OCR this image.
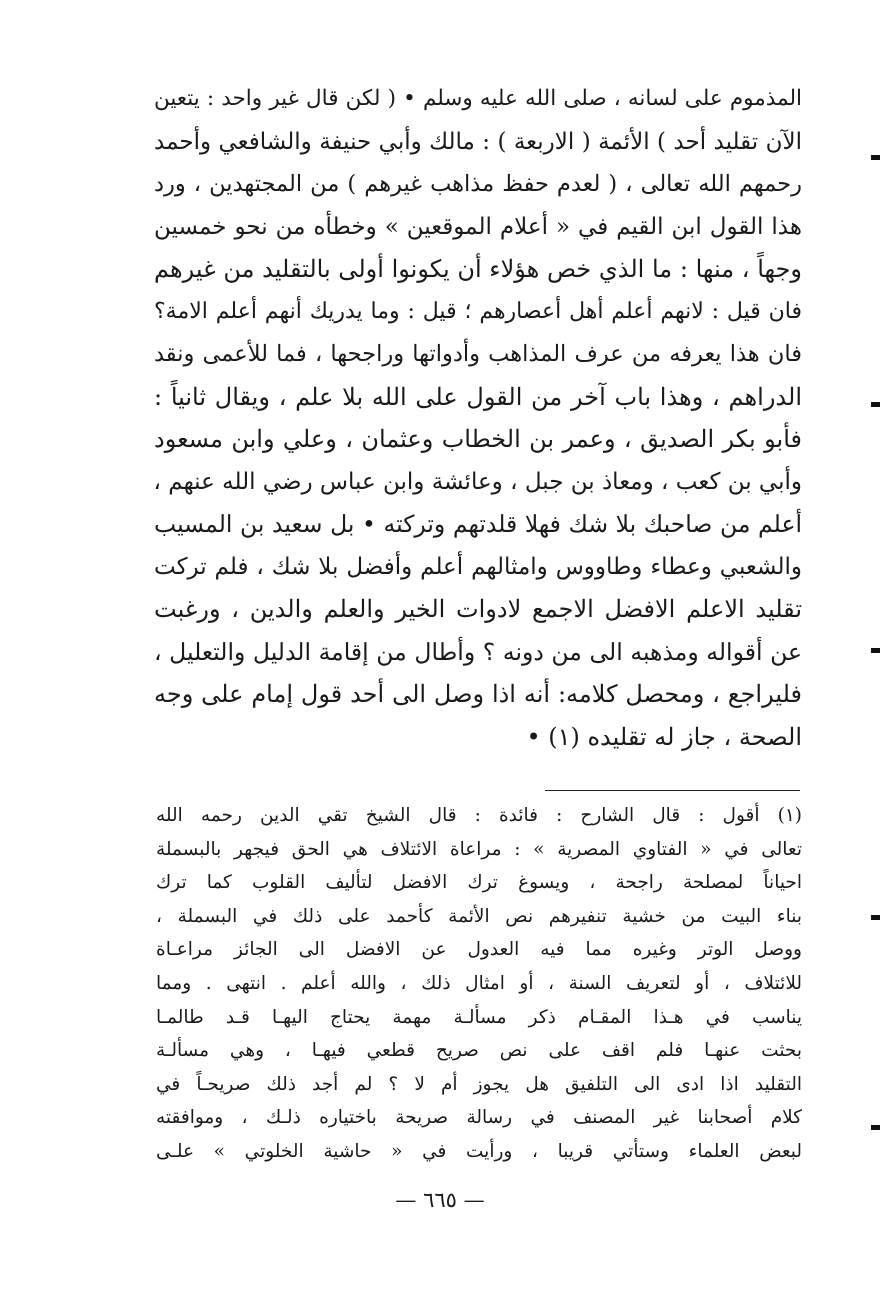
المذموم على لسانه ، صلى الله عليه وسلم • ( لكن قال غير واحد : يتعين
الآن تقليد أحد ) الأئمة ( الاربعة ) : مالك وأبي حنيفة والشافعي وأحمد
رحمهم الله تعالى ، ( لعدم حفظ مذاهب غيرهم ) من المجتهدين ، ورد
هذا القول ابن القيم في « أعلام الموقعين » وخطأه من نحو خمسين
وجهاً ، منها : ما الذي خص هؤلاء أن يكونوا أولى بالتقليد من غيرهم
فان قيل : لانهم أعلم أهل أعصارهم ؛ قيل : وما يدريك أنهم أعلم الامة؟
فان هذا يعرفه من عرف المذاهب وأدواتها وراجحها ، فما للأعمى ونقد
الدراهم ، وهذا باب آخر من القول على الله بلا علم ، ويقال ثانياً :
فأبو بكر الصديق ، وعمر بن الخطاب وعثمان ، وعلي وابن مسعود
وأبي بن كعب ، ومعاذ بن جبل ، وعائشة وابن عباس رضي الله عنهم ،
أعلم من صاحبك بلا شك فهلا قلدتهم وتركته • بل سعيد بن المسيب
والشعبي وعطاء وطاووس وامثالهم أعلم وأفضل بلا شك ، فلم تركت
تقليد الاعلم الافضل الاجمع لادوات الخير والعلم والدين ، ورغبت
عن أقواله ومذهبه الى من دونه ؟ وأطال من إقامة الدليل والتعليل ،
فليراجع ، ومحصل كلامه: أنه اذا وصل الى أحد قول إمام على وجه
الصحة ، جاز له تقليده (١) •
(١) أقول : قال الشارح : فائدة : قال الشيخ تقي الدين رحمه الله
تعالى في « الفتاوي المصرية » : مراعاة الائتلاف هي الحق فيجهر بالبسملة
احياناً لمصلحة راجحة ، ويسوغ ترك الافضل لتأليف القلوب كما ترك
بناء البيت من خشية تنفيرهم نص الأئمة كأحمد على ذلك في البسملة ،
ووصل الوتر وغيره مما فيه العدول عن الافضل الى الجائز مراعـاة
للائتلاف ، أو لتعريف السنة ، أو امثال ذلك ، والله أعلم . انتهى . ومما
يناسب في هـذا المقـام ذكر مسألـة مهمة يحتاج اليهـا قـد طالمـا
بحثت عنهـا فلم اقف على نص صريح قطعي فيهـا ، وهي مسألـة
التقليد اذا ادى الى التلفيق هل يجوز أم لا ؟ لم أجد ذلك صريحـاً في
كلام أصحابنا غير المصنف في رسالة صريحة باختياره ذلـك ، وموافقته
لبعض العلماء وستأتي قريبا ، ورأيت في « حاشية الخلوتي » علـى
— ٦٦٥ —
